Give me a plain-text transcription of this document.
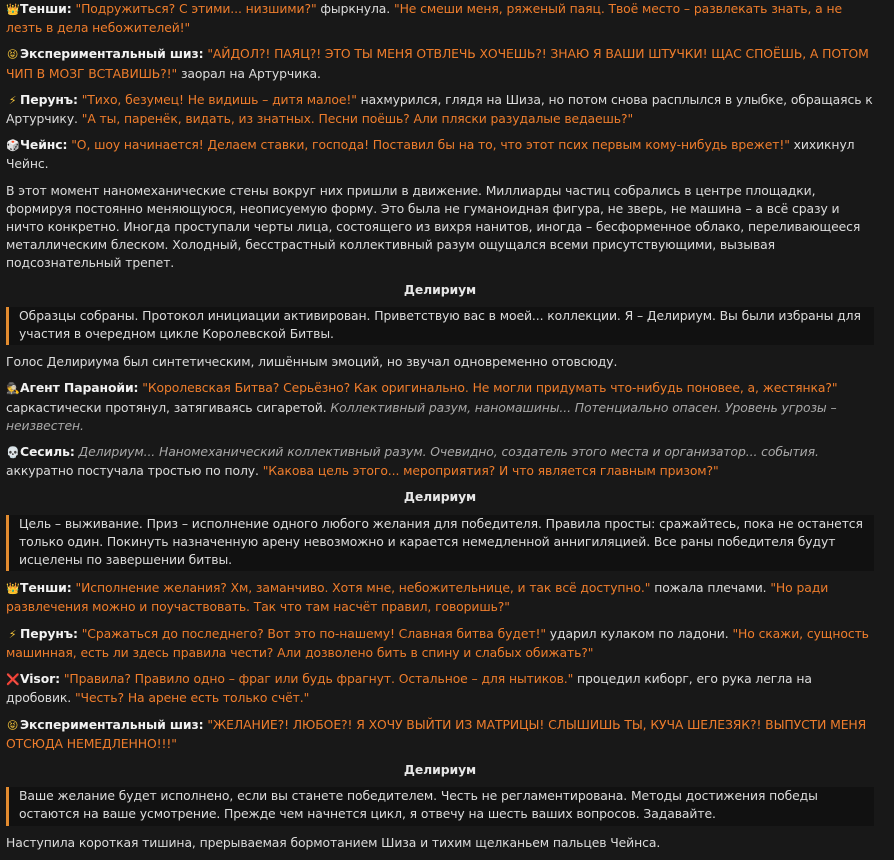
👑Тенши: "Подружиться? С этими... низшими?" фыркнула. "Не смеши меня, ряженый паяц. Твоё место – развлекать знать, а не лезть в дела небожителей!"

😝 Экспериментальный шиз: "АЙДОЛ?! ПАЯЦ?! ЭТО ТЫ МЕНЯ ОТВЛЕЧЬ ХОЧЕШЬ?! ЗНАЮ Я ВАШИ ШТУЧКИ! ЩАС СПОЁШЬ, А ПОТОМ ЧИП В МОЗГ ВСТАВИШЬ?!" заорал на Артурчика.

⚡ Перунъ: "Тихо, безумец! Не видишь – дитя малое!" нахмурился, глядя на Шиза, но потом снова расплылся в улыбке, обращаясь к Артурчику. "А ты, паренёк, видать, из знатных. Песни поёшь? Али пляски разудалые ведаешь?"

🎲Чейнс: "О, шоу начинается! Делаем ставки, господа! Поставил бы на то, что этот псих первым кому-нибудь врежет!" хихикнул Чейнс.

В этот момент наномеханические стены вокруг них пришли в движение. Миллиарды частиц собрались в центре площадки, формируя постоянно меняющуюся, неописуемую форму. Это была не гуманоидная фигура, не зверь, не машина – а всё сразу и ничто конкретно. Иногда проступали черты лица, состоящего из вихря нанитов, иногда – бесформенное облако, переливающееся металлическим блеском. Холодный, бесстрастный коллективный разум ощущался всеми присутствующими, вызывая подсознательный трепет.

Делириум

Образцы собраны. Протокол инициации активирован. Приветствую вас в моей... коллекции. Я – Делириум. Вы были избраны для участия в очередном цикле Королевской Битвы.

Голос Делириума был синтетическим, лишённым эмоций, но звучал одновременно отовсюду.

🕵Агент Паранойи: "Королевская Битва? Серьёзно? Как оригинально. Не могли придумать что-нибудь поновее, а, жестянка?" саркастически протянул, затягиваясь сигаретой. Коллективный разум, наномашины... Потенциально опасен. Уровень угрозы – неизвестен.

💀Сесиль: Делириум... Наномеханический коллективный разум. Очевидно, создатель этого места и организатор... события. аккуратно постучала тростью по полу. "Какова цель этого... мероприятия? И что является главным призом?"

Делириум

Цель – выживание. Приз – исполнение одного любого желания для победителя. Правила просты: сражайтесь, пока не останется только один. Покинуть назначенную арену невозможно и карается немедленной аннигиляцией. Все раны победителя будут исцелены по завершении битвы.

👑Тенши: "Исполнение желания? Хм, заманчиво. Хотя мне, небожительнице, и так всё доступно." пожала плечами. "Но ради развлечения можно и поучаствовать. Так что там насчёт правил, говоришь?"

⚡ Перунъ: "Сражаться до последнего? Вот это по-нашему! Славная битва будет!" ударил кулаком по ладони. "Но скажи, сущность машинная, есть ли здесь правила чести? Али дозволено бить в спину и слабых обижать?"

❌Visor: "Правила? Правило одно – фраг или будь фрагнут. Остальное – для нытиков." процедил киборг, его рука легла на дробовик. "Честь? На арене есть только счёт."

😝 Экспериментальный шиз: "ЖЕЛАНИЕ?! ЛЮБОЕ?! Я ХОЧУ ВЫЙТИ ИЗ МАТРИЦЫ! СЛЫШИШЬ ТЫ, КУЧА ШЕЛЕЗЯК?! ВЫПУСТИ МЕНЯ ОТСЮДА НЕМЕДЛЕННО!!!"

Делириум

Ваше желание будет исполнено, если вы станете победителем. Честь не регламентирована. Методы достижения победы остаются на ваше усмотрение. Прежде чем начнется цикл, я отвечу на шесть ваших вопросов. Задавайте.

Наступила короткая тишина, прерываемая бормотанием Шиза и тихим щелканьем пальцев Чейнса.
